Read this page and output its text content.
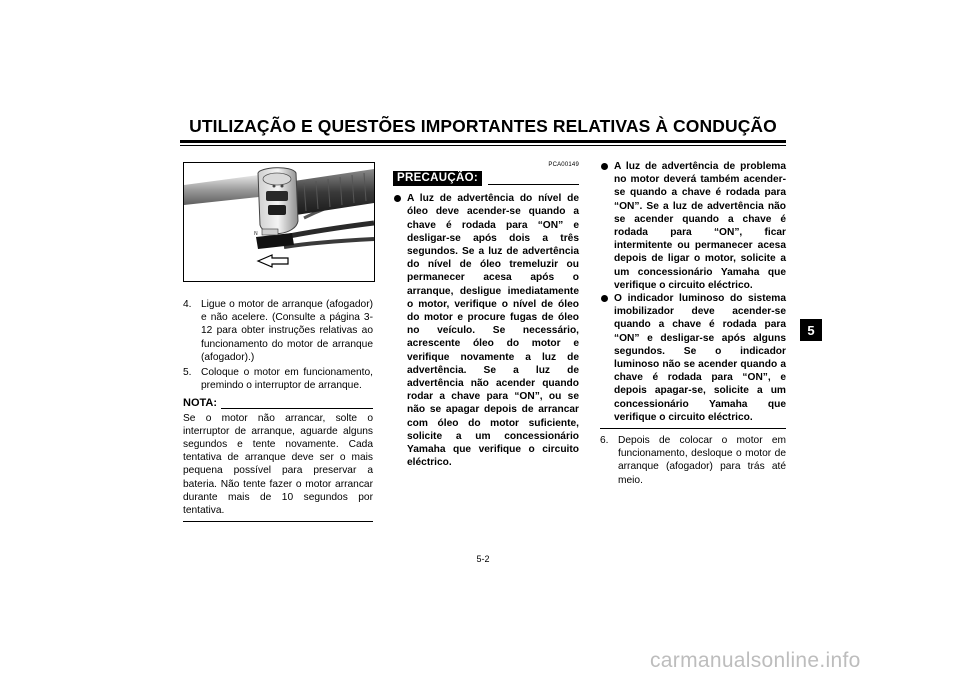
UTILIZAÇÃO E QUESTÕES IMPORTANTES RELATIVAS À CONDUÇÃO
5
N
4. Ligue o motor de arranque (afogador) e não acelere. (Consulte a página 3-12 para obter instruções relativas ao funcionamento do motor de arranque (afogador).)
5. Coloque o motor em funcionamento, premindo o interruptor de arranque.
NOTA:
Se o motor não arrancar, solte o interruptor de arranque, aguarde alguns segundos e tente novamente. Cada tentativa de arranque deve ser o mais pequena possível para preservar a bateria. Não tente fazer o motor arrancar durante mais de 10 segundos por tentativa.
PCA00149
PRECAUÇÃO:
A luz de advertência do nível de óleo deve acender-se quando a chave é rodada para “ON” e desligar-se após dois a três segundos. Se a luz de advertência do nível de óleo tremeluzir ou permanecer acesa após o arranque, desligue imediatamente o motor, verifique o nível de óleo do motor e procure fugas de óleo no veículo. Se necessário, acrescente óleo do motor e verifique novamente a luz de advertência. Se a luz de advertência não acender quando rodar a chave para “ON”, ou se não se apagar depois de arrancar com óleo do motor suficiente, solicite a um concessionário Yamaha que verifique o circuito eléctrico.
A luz de advertência de problema no motor deverá também acender-se quando a chave é rodada para “ON”. Se a luz de advertência não se acender quando a chave é rodada para “ON”, ficar intermitente ou permanecer acesa depois de ligar o motor, solicite a um concessionário Yamaha que verifique o circuito eléctrico.
O indicador luminoso do sistema imobilizador deve acender-se quando a chave é rodada para “ON” e desligar-se após alguns segundos. Se o indicador luminoso não se acender quando a chave é rodada para “ON”, e depois apagar-se, solicite a um concessionário Yamaha que verifique o circuito eléctrico.
6. Depois de colocar o motor em funcionamento, desloque o motor de arranque (afogador) para trás até meio.
5-2
carmanualsonline.info
